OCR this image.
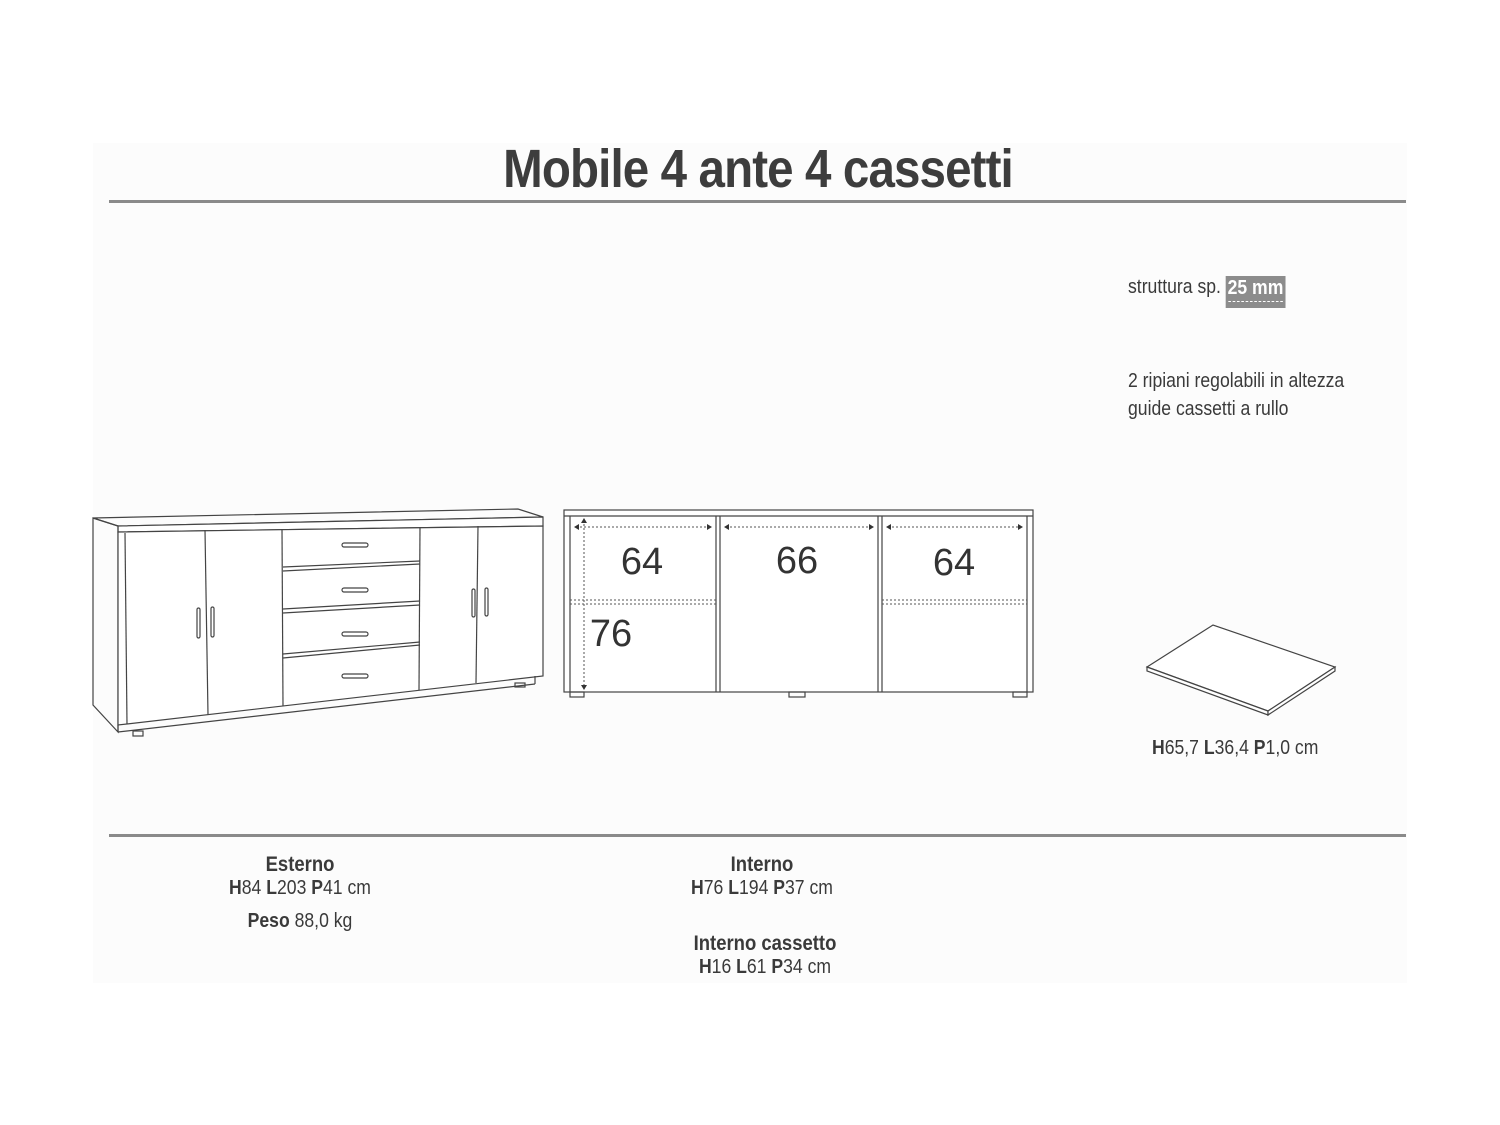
Mobile 4 ante 4 cassetti
struttura sp. 25 mm
2 ripiani regolabili in altezza
guide cassetti a rullo
64	66	64
76
H65,7 L36,4 P1,0 cm
Esterno
H84 L203 P41 cm
Peso 88,0 kg
Interno
H76 L194 P37 cm
Interno cassetto
H16 L61 P34 cm
